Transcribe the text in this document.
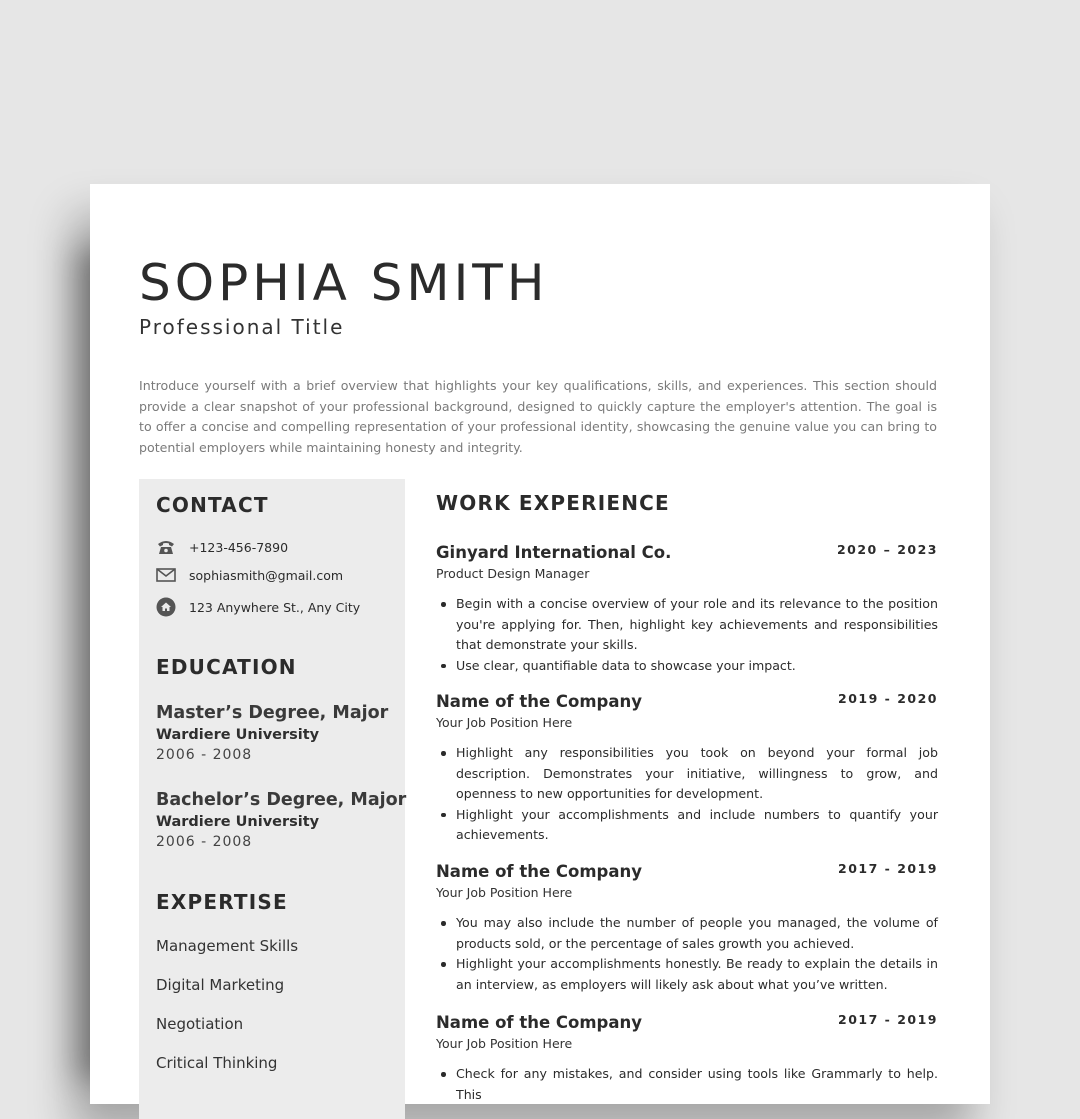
SOPHIA SMITH
Professional Title

Introduce yourself with a brief overview that highlights your key qualifications, skills, and experiences. This section should provide a clear snapshot of your professional background, designed to quickly capture the employer's attention. The goal is to offer a concise and compelling representation of your professional identity, showcasing the genuine value you can bring to potential employers while maintaining honesty and integrity.

CONTACT
+123-456-7890
sophiasmith@gmail.com
123 Anywhere St., Any City
EDUCATION
Master’s Degree, Major
Wardiere University
2006 - 2008
Bachelor’s Degree, Major
Wardiere University
2006 - 2008
EXPERTISE
Management Skills
Digital Marketing
Negotiation
Critical Thinking
WORK EXPERIENCE
Ginyard International Co.	2020 – 2023
Product Design Manager
Begin with a concise overview of your role and its relevance to the position you're applying for. Then, highlight key achievements and responsibilities that demonstrate your skills.
Use clear, quantifiable data to showcase your impact.
Name of the Company	2019 - 2020
Your Job Position Here
Highlight any responsibilities you took on beyond your formal job description. Demonstrates your initiative, willingness to grow, and openness to new opportunities for development.
Highlight your accomplishments and include numbers to quantify your achievements.
Name of the Company	2017 - 2019
Your Job Position Here
You may also include the number of people you managed, the volume of products sold, or the percentage of sales growth you achieved.
Highlight your accomplishments honestly. Be ready to explain the details in an interview, as employers will likely ask about what you’ve written.
Name of the Company	2017 - 2019
Your Job Position Here
Check for any mistakes, and consider using tools like Grammarly to help. This
